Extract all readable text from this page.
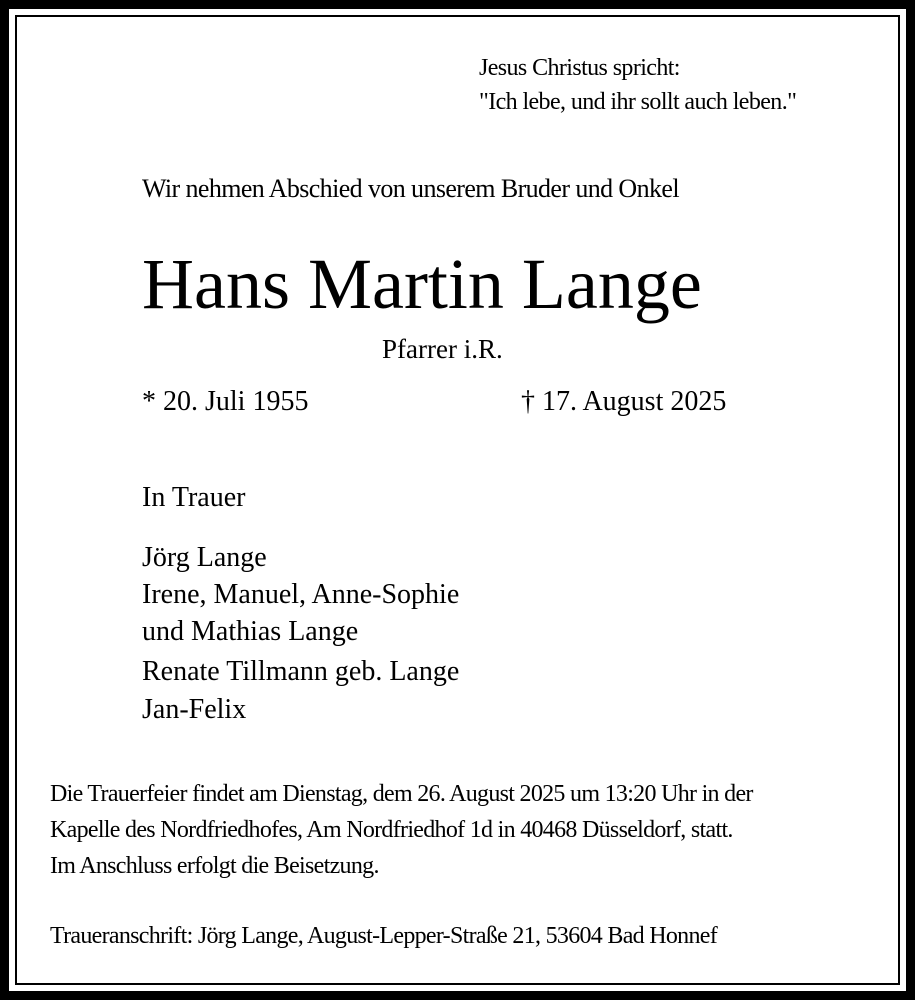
Jesus Christus spricht:
"Ich lebe, und ihr sollt auch leben."
Wir nehmen Abschied von unserem Bruder und Onkel
Hans Martin Lange
Pfarrer i.R.
* 20. Juli 1955	† 17. August 2025
In Trauer
Jörg Lange
Irene, Manuel, Anne-Sophie
und Mathias Lange
Renate Tillmann geb. Lange
Jan-Felix
Die Trauerfeier findet am Dienstag, dem 26. August 2025 um 13:20 Uhr in der
Kapelle des Nordfriedhofes, Am Nordfriedhof 1d in 40468 Düsseldorf, statt.
Im Anschluss erfolgt die Beisetzung.
Traueranschrift: Jörg Lange, August-Lepper-Straße 21, 53604 Bad Honnef
